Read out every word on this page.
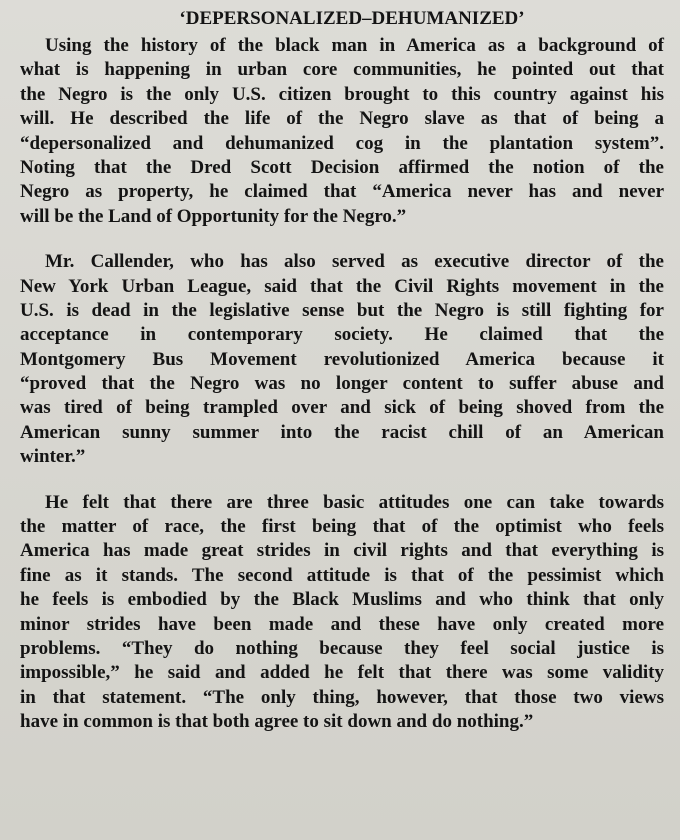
‘DEPERSONALIZED–DEHUMANIZED’
Using the history of the black man in America as a background of
what is happening in urban core communities, he pointed out that
the Negro is the only U.S. citizen brought to this country against his
will. He described the life of the Negro slave as that of being a
“depersonalized and dehumanized cog in the plantation system”.
Noting that the Dred Scott Decision affirmed the notion of the
Negro as property, he claimed that “America never has and never
will be the Land of Opportunity for the Negro.”
Mr. Callender, who has also served as executive director of the
New York Urban League, said that the Civil Rights movement in the
U.S. is dead in the legislative sense but the Negro is still fighting for
acceptance in contemporary society. He claimed that the
Montgomery Bus Movement revolutionized America because it
“proved that the Negro was no longer content to suffer abuse and
was tired of being trampled over and sick of being shoved from the
American sunny summer into the racist chill of an American
winter.”
He felt that there are three basic attitudes one can take towards
the matter of race, the first being that of the optimist who feels
America has made great strides in civil rights and that everything is
fine as it stands. The second attitude is that of the pessimist which
he feels is embodied by the Black Muslims and who think that only
minor strides have been made and these have only created more
problems. “They do nothing because they feel social justice is
impossible,” he said and added he felt that there was some validity
in that statement. “The only thing, however, that those two views
have in common is that both agree to sit down and do nothing.”
